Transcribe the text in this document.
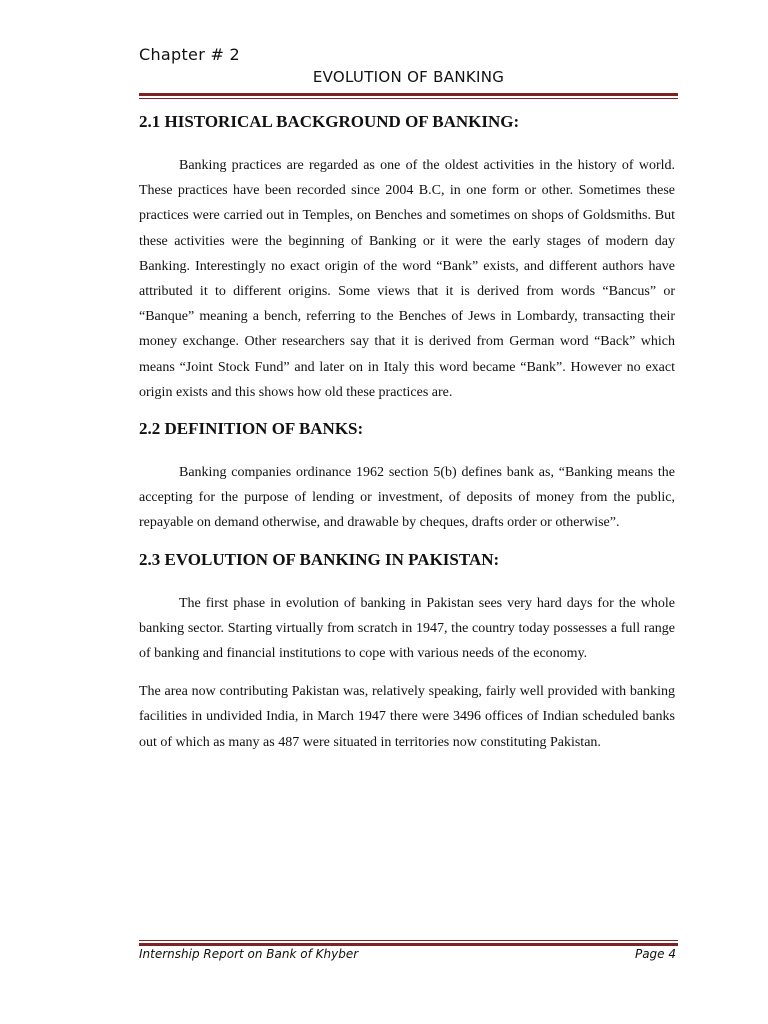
Chapter # 2
EVOLUTION OF BANKING
2.1 HISTORICAL BACKGROUND OF BANKING:

Banking practices are regarded as one of the oldest activities in the history of world. These practices have been recorded since 2004 B.C, in one form or other. Sometimes these practices were carried out in Temples, on Benches and sometimes on shops of Goldsmiths. But these activities were the beginning of Banking or it were the early stages of modern day Banking. Interestingly no exact origin of the word “Bank” exists, and different authors have attributed it to different origins. Some views that it is derived from words “Bancus” or “Banque” meaning a bench, referring to the Benches of Jews in Lombardy, transacting their money exchange. Other researchers say that it is derived from German word “Back” which means “Joint Stock Fund” and later on in Italy this word became “Bank”. However no exact origin exists and this shows how old these practices are.

2.2 DEFINITION OF BANKS:

Banking companies ordinance 1962 section 5(b) defines bank as, “Banking means the accepting for the purpose of lending or investment, of deposits of money from the public, repayable on demand otherwise, and drawable by cheques, drafts order or otherwise”.

2.3 EVOLUTION OF BANKING IN PAKISTAN:

The first phase in evolution of banking in Pakistan sees very hard days for the whole banking sector. Starting virtually from scratch in 1947, the country today possesses a full range of banking and financial institutions to cope with various needs of the economy.

The area now contributing Pakistan was, relatively speaking, fairly well provided with banking facilities in undivided India, in March 1947 there were 3496 offices of Indian scheduled banks out of which as many as 487 were situated in territories now constituting Pakistan.

Internship Report on Bank of Khyber	Page 4
